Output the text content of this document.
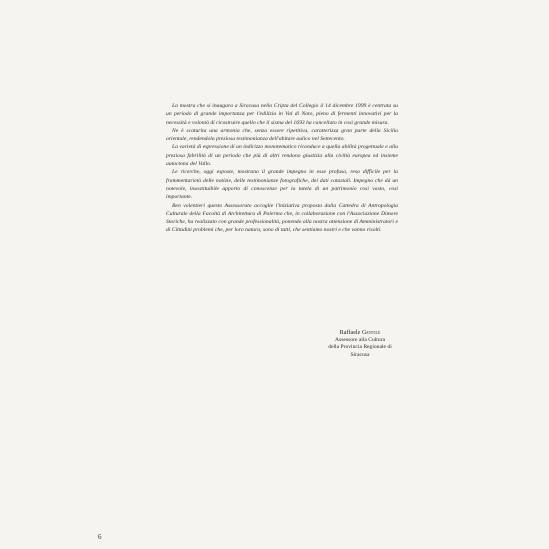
La mostra che si inaugura a Siracusa nella Cripta del Collegio il 14 dicembre 1999 è centrata su un periodo di grande importanza per l'edilizia in Val di Noto, pieno di fermenti innovativi per la necessità e volontà di ricostruire quello che il sisma del 1693 ha cancellato in così grande misura.

Ne è scaturita una armonia che, senza essere ripetitiva, caratterizza gran parte della Sicilia orientale, rendendola preziosa testimonianza dell'abitare aulico nel Settecento.

La varietà di espressione di un indirizzo monotematico riconduce a quella abilità progettuale e alla preziosa fabrilità di un periodo che più di altri rendono giustizia alla civiltà europea ed insieme autoctona del Vallo.

Le ricerche, oggi esposte, mostrano il grande impegno in esse profuso, reso difficile per la frammentarietà delle notizie, delle testimonianze fotografiche, dei dati catastali. Impegno che dà un notevole, insostituibile apporto di conoscenze per la tutela di un patrimonio così vasto, così importante.

Ben volentieri questo Assessorato accoglie l'iniziativa proposta dalla Cattedra di Antropologia Culturale della Facoltà di Architettura di Palermo che, in collaborazione con l'Associazione Dimore Storiche, ha realizzato con grande professionalità, ponendo alla nostra attenzione di Amministratori e di Cittadini problemi che, per loro natura, sono di tutti, che sentiamo nostri e che vanno risolti.

Raffaele Gentile
Assessore alla Cultura
della Provincia Regionale di Siracusa
6
